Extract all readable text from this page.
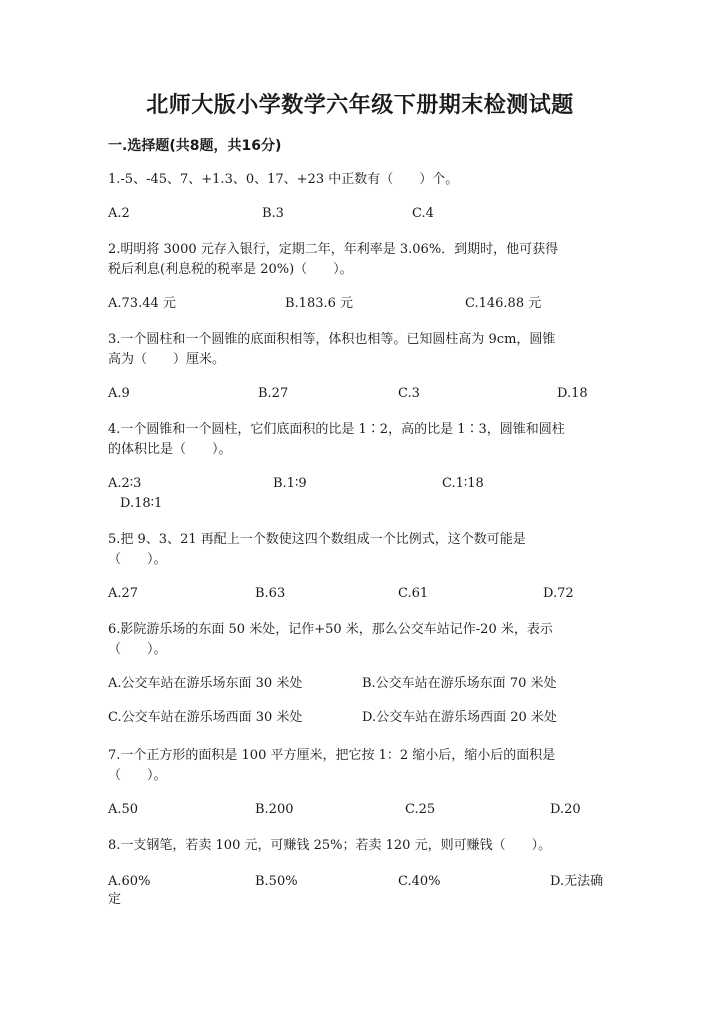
北师大版小学数学六年级下册期末检测试题
一.选择题(共8题，共16分)
1.-5、-45、7、+1.3、0、17、+23 中正数有（　　）个。
A.2	B.3	C.4
2.明明将 3000 元存入银行，定期二年，年利率是 3.06%．到期时，他可获得
税后利息(利息税的税率是 20%)（　　）。
A.73.44 元	B.183.6 元	C.146.88 元
3.一个圆柱和一个圆锥的底面积相等，体积也相等。已知圆柱高为 9cm，圆锥
高为（　　）厘米。
A.9	B.27	C.3	D.18
4.一个圆锥和一个圆柱，它们底面积的比是 1∶2，高的比是 1∶3，圆锥和圆柱
的体积比是（　　）。
A.2∶3	B.1∶9	C.1∶18
D.18∶1
5.把 9、3、21 再配上一个数使这四个数组成一个比例式，这个数可能是
（　　）。
A.27	B.63	C.61	D.72
6.影院游乐场的东面 50 米处，记作+50 米，那么公交车站记作-20 米，表示
（　　）。
A.公交车站在游乐场东面 30 米处	B.公交车站在游乐场东面 70 米处
C.公交车站在游乐场西面 30 米处	D.公交车站在游乐场西面 20 米处
7.一个正方形的面积是 100 平方厘米，把它按 1：2 缩小后，缩小后的面积是
（　　）。
A.50	B.200	C.25	D.20
8.一支钢笔，若卖 100 元，可赚钱 25%；若卖 120 元，则可赚钱（　　）。
A.60%	B.50%	C.40%	D.无法确
定
